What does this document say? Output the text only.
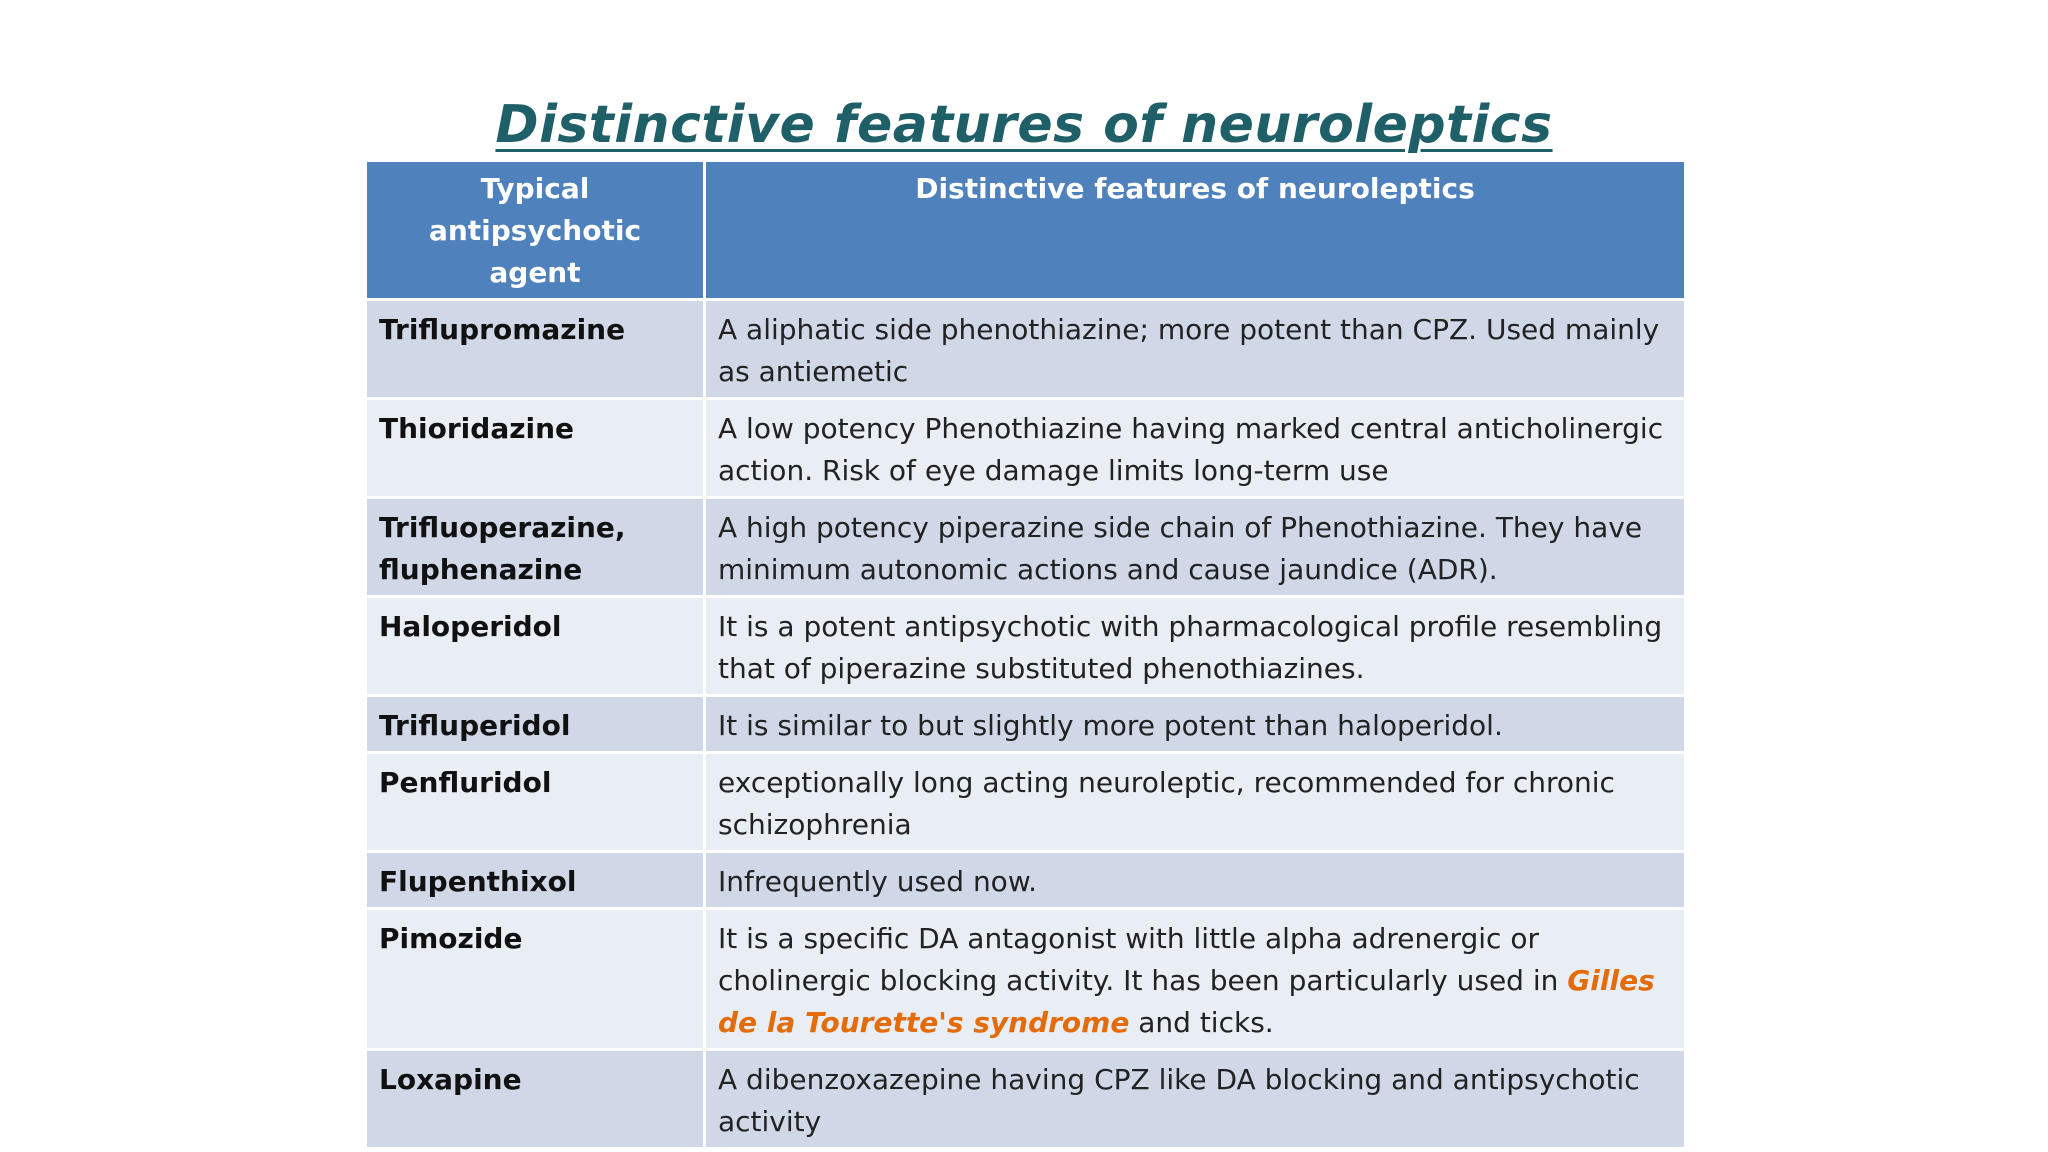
Distinctive features of neuroleptics
Typical antipsychotic agent	Distinctive features of neuroleptics
Triflupromazine	A aliphatic side phenothiazine; more potent than CPZ. Used mainly as antiemetic
Thioridazine	A low potency Phenothiazine having marked central anticholinergic action. Risk of eye damage limits long-term use
Trifluoperazine, fluphenazine	A high potency piperazine side chain of Phenothiazine. They have minimum autonomic actions and cause jaundice (ADR).
Haloperidol	It is a potent antipsychotic with pharmacological profile resembling that of piperazine substituted phenothiazines.
Trifluperidol	It is similar to but slightly more potent than haloperidol.
Penfluridol	exceptionally long acting neuroleptic, recommended for chronic schizophrenia
Flupenthixol	Infrequently used now.
Pimozide	It is a specific DA antagonist with little alpha adrenergic or cholinergic blocking activity. It has been particularly used in Gilles de la Tourette's syndrome and ticks.
Loxapine	A dibenzoxazepine having CPZ like DA blocking and antipsychotic activity
